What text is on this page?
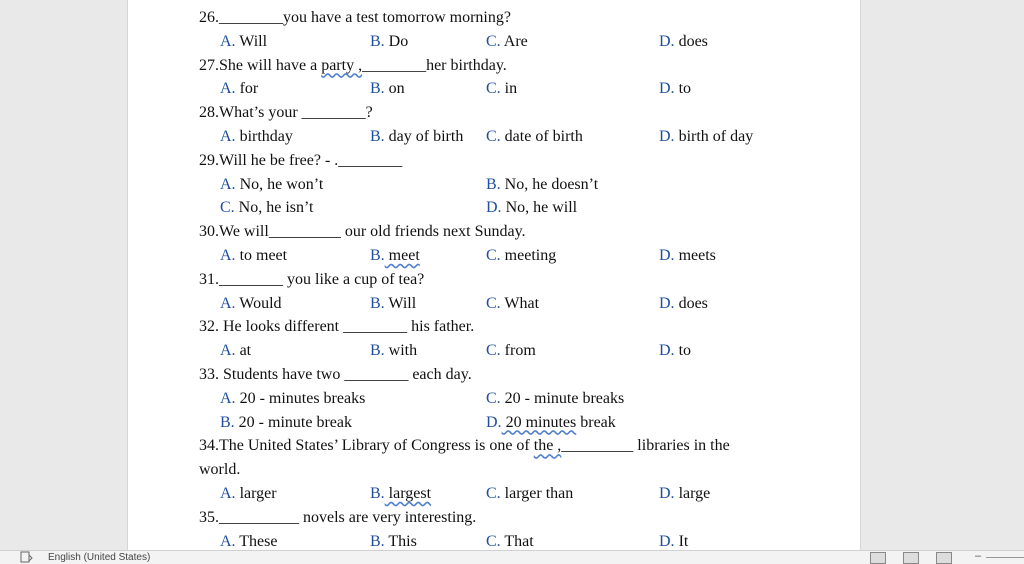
26.________you have a test tomorrow morning?
A. Will	B. Do	C. Are	D. does
27.She will have a party ,________her birthday.
A. for	B. on	C. in	D. to
28.What’s your ________?
A. birthday	B. day of birth C. date of birth	D. birth of day
29.Will he be free? - .________
A. No, he won’t	B. No, he doesn’t
C. No, he isn’t	D. No, he will
30.We will_________ our old friends next Sunday.
A. to meet	B. meet	C. meeting	D. meets
31.________ you like a cup of tea?
A. Would	B. Will	C. What	D. does
32. He looks different ________ his father.
A. at	B. with	C. from	D. to
33. Students have two ________ each day.
A. 20 - minutes breaks	C. 20 - minute breaks
B. 20 - minute break	D. 20 minutes break
34.The United States’ Library of Congress is one of the ,_________ libraries in the
world.
A. larger	B. largest	C. larger than	D. large
35.__________ novels are very interesting.
A. These	B. This	C. That	D. It
English (United States)
	–
